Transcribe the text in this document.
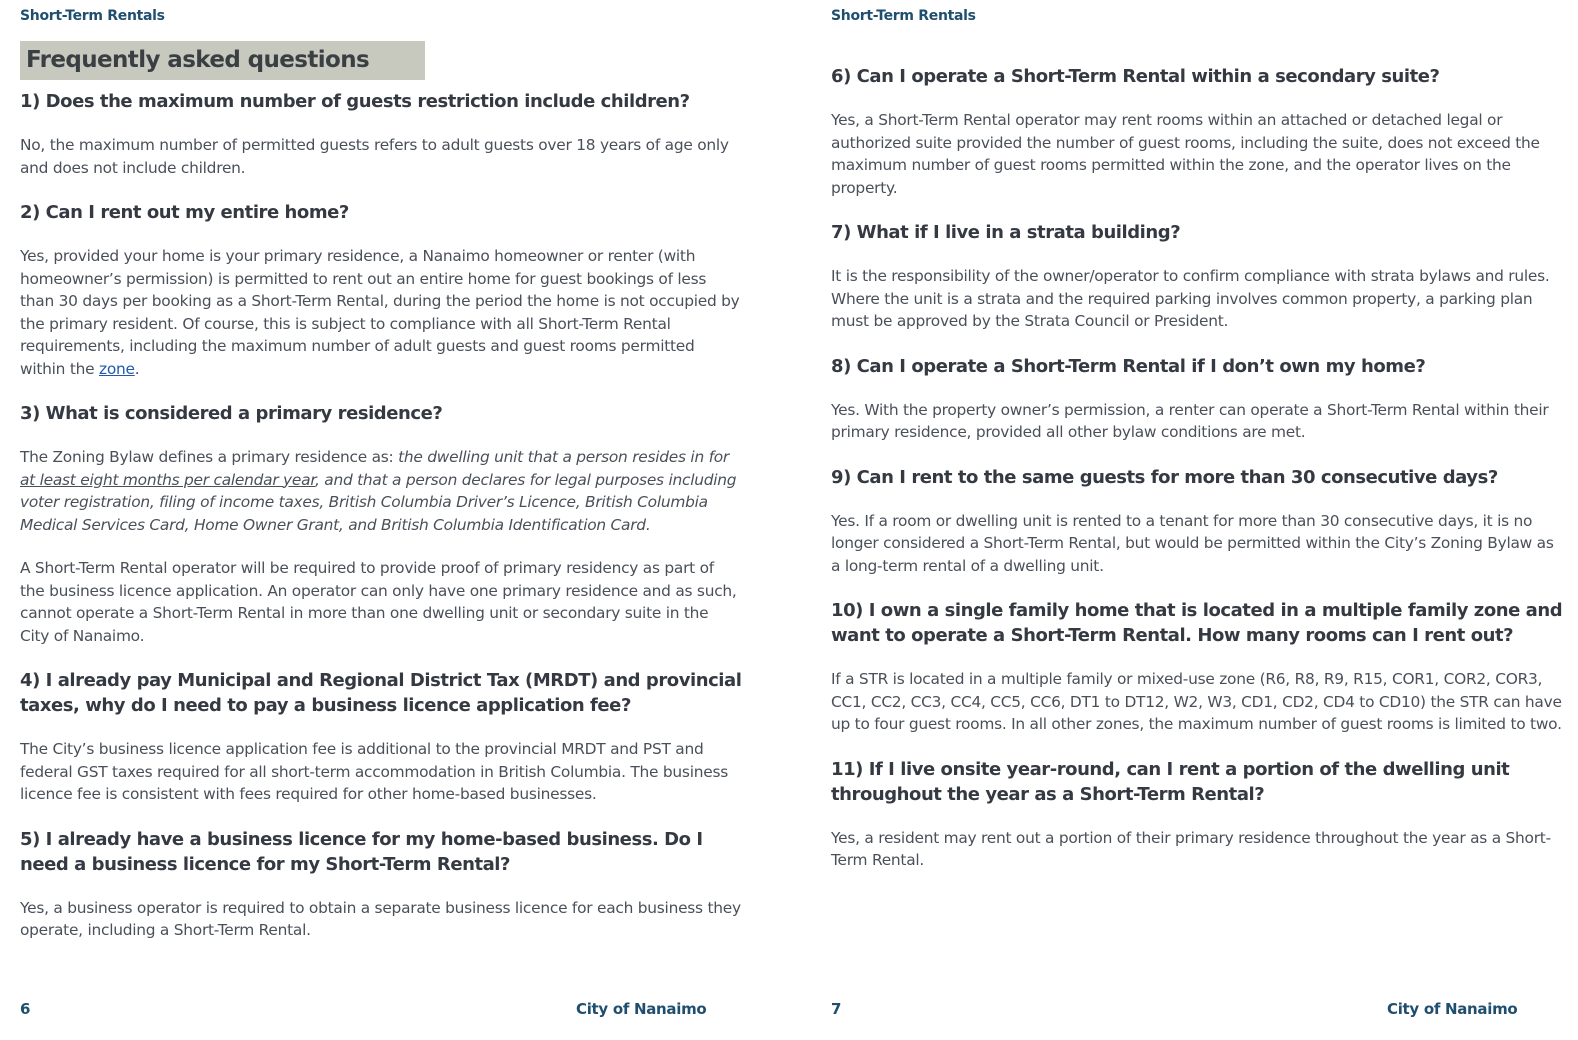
Short-Term Rentals
Frequently asked questions
1) Does the maximum number of guests restriction include children?
No, the maximum number of permitted guests refers to adult guests over 18 years of age only and does not include children.
2) Can I rent out my entire home?
Yes, provided your home is your primary residence, a Nanaimo homeowner or renter (with homeowner’s permission) is permitted to rent out an entire home for guest bookings of less than 30 days per booking as a Short-Term Rental, during the period the home is not occupied by the primary resident. Of course, this is subject to compliance with all Short-Term Rental requirements, including the maximum number of adult guests and guest rooms permitted within the zone.
3) What is considered a primary residence?
The Zoning Bylaw defines a primary residence as: the dwelling unit that a person resides in for at least eight months per calendar year, and that a person declares for legal purposes including voter registration, filing of income taxes, British Columbia Driver’s Licence, British Columbia Medical Services Card, Home Owner Grant, and British Columbia Identification Card.
A Short-Term Rental operator will be required to provide proof of primary residency as part of the business licence application. An operator can only have one primary residence and as such, cannot operate a Short-Term Rental in more than one dwelling unit or secondary suite in the City of Nanaimo.
4) I already pay Municipal and Regional District Tax (MRDT) and provincial taxes, why do I need to pay a business licence application fee?
The City’s business licence application fee is additional to the provincial MRDT and PST and federal GST taxes required for all short-term accommodation in British Columbia. The business licence fee is consistent with fees required for other home-based businesses.
5) I already have a business licence for my home-based business. Do I need a business licence for my Short-Term Rental?
Yes, a business operator is required to obtain a separate business licence for each business they operate, including a Short-Term Rental.
6	City of Nanaimo
Short-Term Rentals
6) Can I operate a Short-Term Rental within a secondary suite?
Yes, a Short-Term Rental operator may rent rooms within an attached or detached legal or authorized suite provided the number of guest rooms, including the suite, does not exceed the maximum number of guest rooms permitted within the zone, and the operator lives on the property.
7) What if I live in a strata building?
It is the responsibility of the owner/operator to confirm compliance with strata bylaws and rules. Where the unit is a strata and the required parking involves common property, a parking plan must be approved by the Strata Council or President.
8) Can I operate a Short-Term Rental if I don’t own my home?
Yes. With the property owner’s permission, a renter can operate a Short-Term Rental within their primary residence, provided all other bylaw conditions are met.
9) Can I rent to the same guests for more than 30 consecutive days?
Yes. If a room or dwelling unit is rented to a tenant for more than 30 consecutive days, it is no longer considered a Short-Term Rental, but would be permitted within the City’s Zoning Bylaw as a long-term rental of a dwelling unit.
10) I own a single family home that is located in a multiple family zone and want to operate a Short-Term Rental. How many rooms can I rent out?
If a STR is located in a multiple family or mixed-use zone (R6, R8, R9, R15, COR1, COR2, COR3, CC1, CC2, CC3, CC4, CC5, CC6, DT1 to DT12, W2, W3, CD1, CD2, CD4 to CD10) the STR can have up to four guest rooms. In all other zones, the maximum number of guest rooms is limited to two.
11) If I live onsite year-round, can I rent a portion of the dwelling unit throughout the year as a Short-Term Rental?
Yes, a resident may rent out a portion of their primary residence throughout the year as a Short-Term Rental.
7	City of Nanaimo
